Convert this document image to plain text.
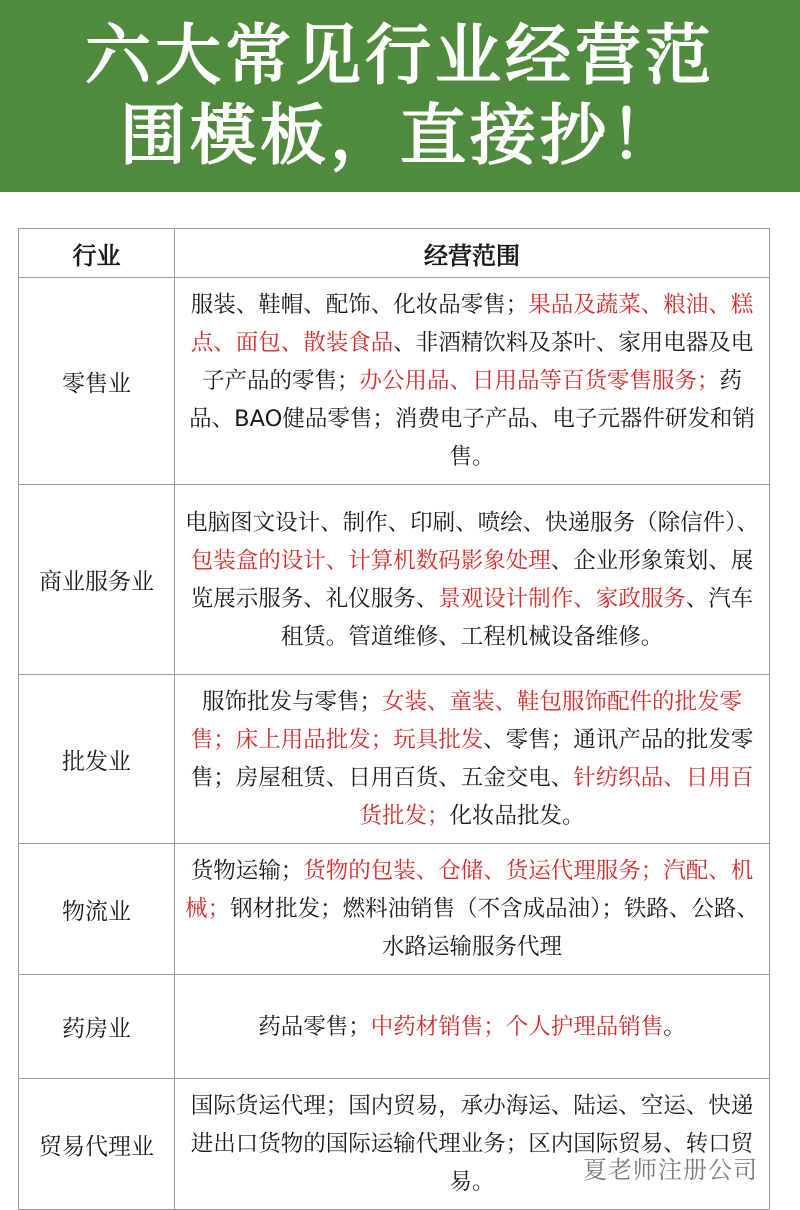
六大常见行业经营范
围模板，直接抄！
行业	经营范围
零售业	服装、鞋帽、配饰、化妆品零售；果品及蔬菜、粮油、糕点、面包、散装食品、非酒精饮料及茶叶、家用电器及电子产品的零售；办公用品、日用品等百货零售服务；药品、BAO健品零售；消费电子产品、电子元器件研发和销售。
商业服务业	电脑图文设计、制作、印刷、喷绘、快递服务（除信件）、包装盒的设计、计算机数码影象处理、企业形象策划、展览展示服务、礼仪服务、景观设计制作、家政服务、汽车租赁。管道维修、工程机械设备维修。
批发业	服饰批发与零售；女装、童装、鞋包服饰配件的批发零售；床上用品批发；玩具批发、零售；通讯产品的批发零售；房屋租赁、日用百货、五金交电、针纺织品、日用百货批发；化妆品批发。
物流业	货物运输；货物的包装、仓储、货运代理服务；汽配、机械；钢材批发；燃料油销售（不含成品油）；铁路、公路、水路运输服务代理
药房业	药品零售；中药材销售；个人护理品销售。
贸易代理业	国际货运代理；国内贸易，承办海运、陆运、空运、快递进出口货物的国际运输代理业务；区内国际贸易、转口贸易。	夏老师注册公司
